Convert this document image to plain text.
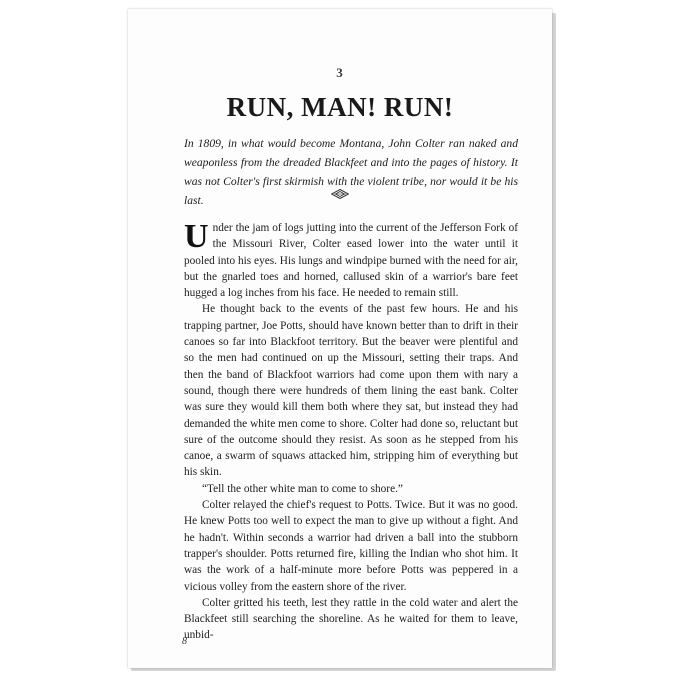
3
RUN, MAN! RUN!

In 1809, in what would become Montana, John Colter ran naked and weaponless from the dreaded Blackfeet and into the pages of history. It was not Colter's first skirmish with the violent tribe, nor would it be his last.

Under the jam of logs jutting into the current of the Jefferson Fork of the Missouri River, Colter eased lower into the water until it pooled into his eyes. His lungs and windpipe burned with the need for air, but the gnarled toes and horned, callused skin of a warrior's bare feet hugged a log inches from his face. He needed to remain still.

He thought back to the events of the past few hours. He and his trapping partner, Joe Potts, should have known better than to drift in their canoes so far into Blackfoot territory. But the beaver were plentiful and so the men had continued on up the Missouri, setting their traps. And then the band of Blackfoot warriors had come upon them with nary a sound, though there were hundreds of them lining the east bank. Colter was sure they would kill them both where they sat, but instead they had demanded the white men come to shore. Colter had done so, reluctant but sure of the outcome should they resist. As soon as he stepped from his canoe, a swarm of squaws attacked him, stripping him of everything but his skin.

“Tell the other white man to come to shore.”

Colter relayed the chief's request to Potts. Twice. But it was no good. He knew Potts too well to expect the man to give up without a fight. And he hadn't. Within seconds a warrior had driven a ball into the stubborn trapper's shoulder. Potts returned fire, killing the Indian who shot him. It was the work of a half-minute more before Potts was peppered in a vicious volley from the eastern shore of the river.

Colter gritted his teeth, lest they rattle in the cold water and alert the Blackfeet still searching the shoreline. As he waited for them to leave, unbid-

8
